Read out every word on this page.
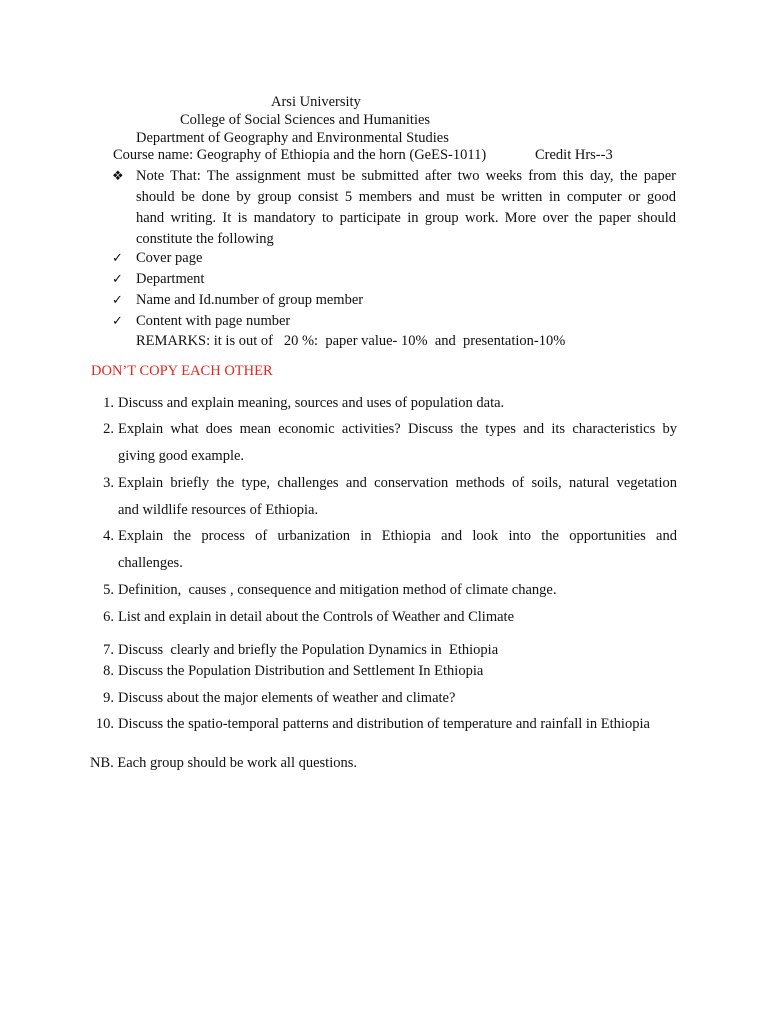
Arsi University
College of Social Sciences and Humanities
Department of Geography and Environmental Studies
Course name: Geography of Ethiopia and the horn (GeES-1011)	Credit Hrs--3
❖ Note That: The assignment must be submitted after two weeks from this day, the paper
should be done by group consist 5 members and must be written in computer or good
hand writing. It is mandatory to participate in group work. More over the paper should
constitute the following
✓ Cover page
✓ Department
✓ Name and Id.number of group member
✓ Content with page number
REMARKS: it is out of   20 %:  paper value- 10%  and  presentation-10%
DON’T COPY EACH OTHER
1. Discuss and explain meaning, sources and uses of population data.
2. Explain what does mean economic activities? Discuss the types and its characteristics by
giving good example.
3. Explain briefly the type, challenges and conservation methods of soils, natural vegetation
and wildlife resources of Ethiopia.
4. Explain the process of urbanization in Ethiopia and look into the opportunities and
challenges.
5. Definition,  causes , consequence and mitigation method of climate change.
6. List and explain in detail about the Controls of Weather and Climate
7. Discuss  clearly and briefly the Population Dynamics in  Ethiopia
8. Discuss the Population Distribution and Settlement In Ethiopia
9. Discuss about the major elements of weather and climate?
10. Discuss the spatio-temporal patterns and distribution of temperature and rainfall in Ethiopia
NB. Each group should be work all questions.
